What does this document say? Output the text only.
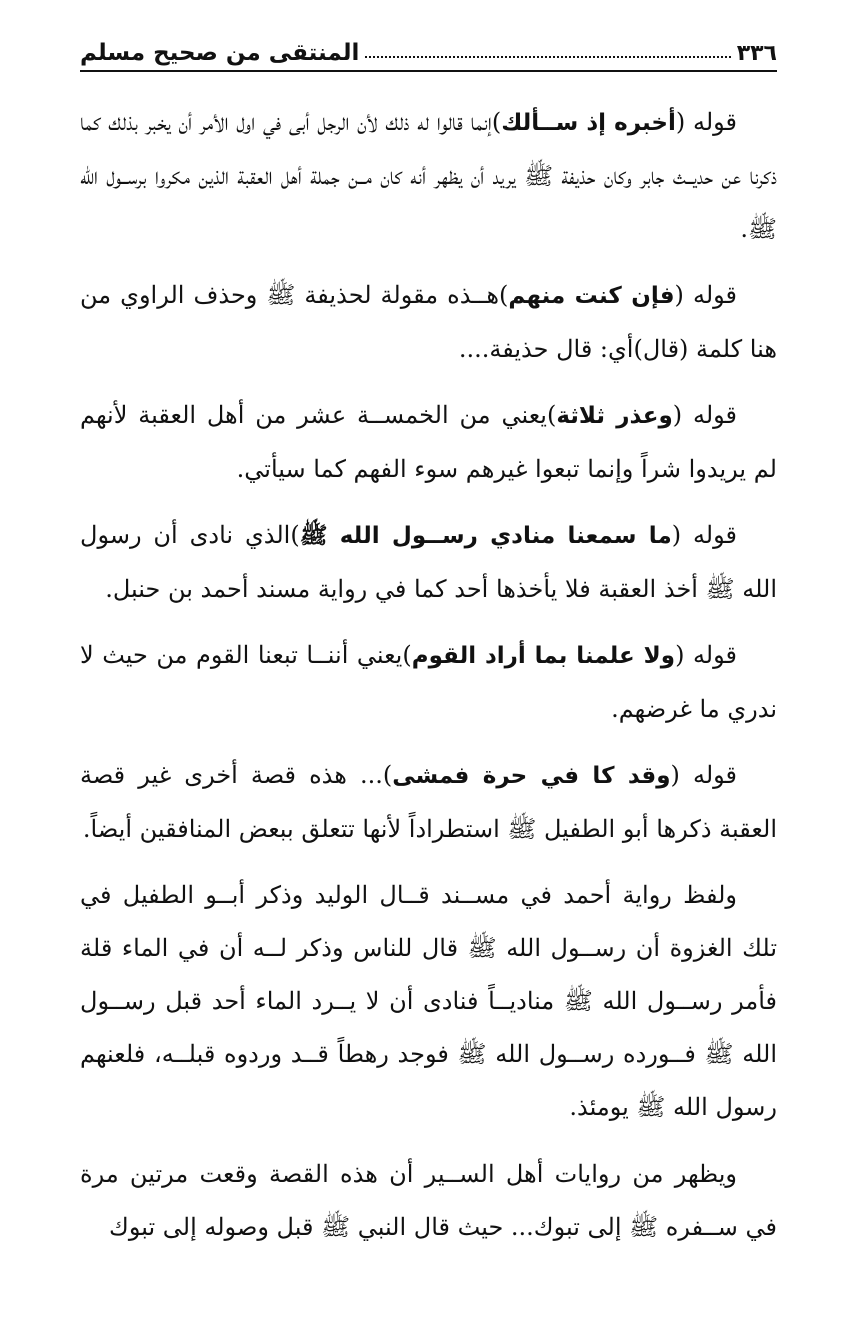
٣٣٦
المنتقى من صحيح مسلم

قوله (أخبره إذ ســألك)إنما قالوا له ذلك لأن الرجل أبى في اول الأمر أن يخبر بذلك كما ذكرنا عن حديــث جابر وكان حذيفة ﷺ يريد أن يظهر أنه كان مــن جملة أهل العقبة الذين مكروا برســول الله ﷺ.

قوله (فإن كنت منهم)هــذه مقولة لحذيفة ﷺ وحذف الراوي من هنا كلمة (قال)أي: قال حذيفة....

قوله (وعذر ثلاثة)يعني من الخمســة عشر من أهل العقبة لأنهم لم يريدوا شراً وإنما تبعوا غيرهم سوء الفهم كما سيأتي.

قوله (ما سمعنا منادي رســول الله ﷺ)الذي نادى أن رسول الله ﷺ أخذ العقبة فلا يأخذها أحد كما في رواية مسند أحمد بن حنبل.

قوله (ولا علمنا بما أراد القوم)يعني أننــا تبعنا القوم من حيث لا ندري ما غرضهم.

قوله (وقد كا في حرة فمشى)... هذه قصة أخرى غير قصة العقبة ذكرها أبو الطفيل ﷺ استطراداً لأنها تتعلق ببعض المنافقين أيضاً.

ولفظ رواية أحمد في مســند قــال الوليد وذكر أبــو الطفيل في تلك الغزوة أن رســول الله ﷺ قال للناس وذكر لــه أن في الماء قلة فأمر رســول الله ﷺ منادیــاً فنادى أن لا يــرد الماء أحد قبل رســول الله ﷺ فــورده رســول الله ﷺ فوجد رهطاً قــد وردوه قبلــه، فلعنهم رسول الله ﷺ يومئذ.

ويظهر من روايات أهل الســير أن هذه القصة وقعت مرتين مرة في ســفره ﷺ إلى تبوك... حيث قال النبي ﷺ قبل وصوله إلى تبوك
